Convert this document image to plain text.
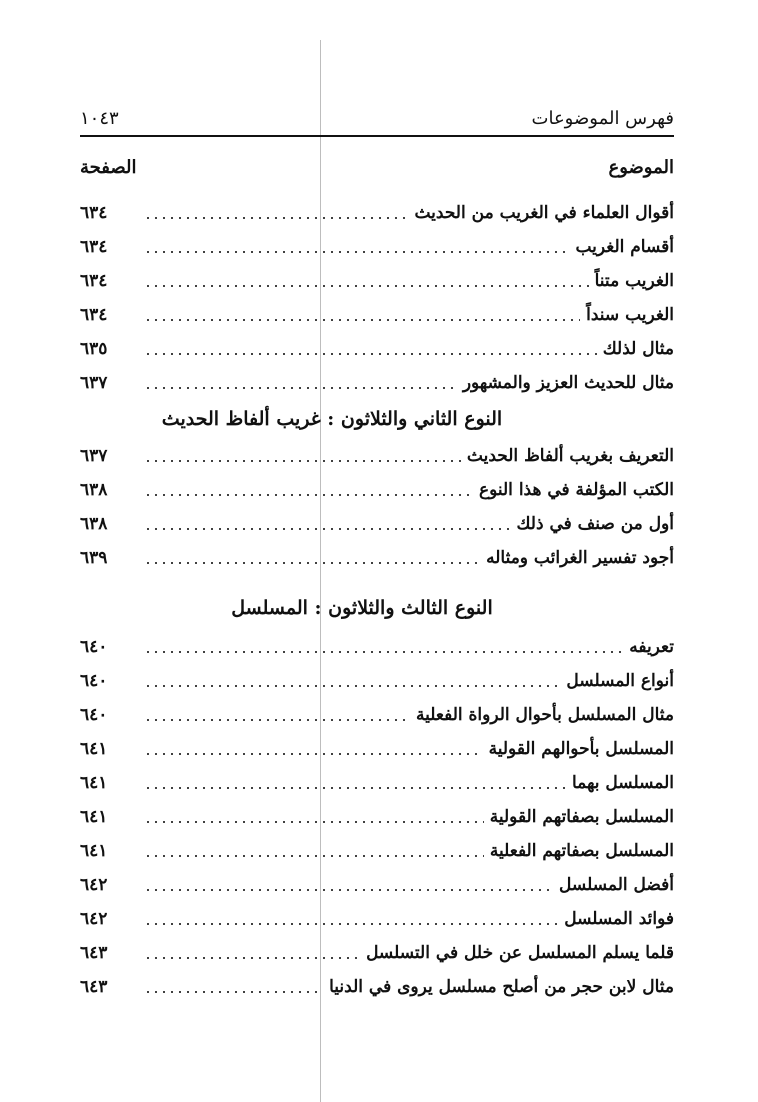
فهرس الموضوعات
١٠٤٣
الموضوع
الصفحة
أقوال العلماء في الغريب من الحديث
٦٣٤
أقسام الغريب
٦٣٤
الغريب متناً
٦٣٤
الغريب سنداً
٦٣٤
مثال لذلك
٦٣٥
مثال للحديث العزيز والمشهور
٦٣٧
النوع الثاني والثلاثون : غريب ألفاظ الحديث
التعريف بغريب ألفاظ الحديث
٦٣٧
الكتب المؤلفة في هذا النوع
٦٣٨
أول من صنف في ذلك
٦٣٨
أجود تفسير الغرائب ومثاله
٦٣٩
النوع الثالث والثلاثون : المسلسل
تعريفه
٦٤٠
أنواع المسلسل
٦٤٠
مثال المسلسل بأحوال الرواة الفعلية
٦٤٠
المسلسل بأحوالهم القولية
٦٤١
المسلسل بهما
٦٤١
المسلسل بصفاتهم القولية
٦٤١
المسلسل بصفاتهم الفعلية
٦٤١
أفضل المسلسل
٦٤٢
فوائد المسلسل
٦٤٢
قلما يسلم المسلسل عن خلل في التسلسل
٦٤٣
مثال لابن حجر من أصلح مسلسل يروى في الدنيا
٦٤٣
